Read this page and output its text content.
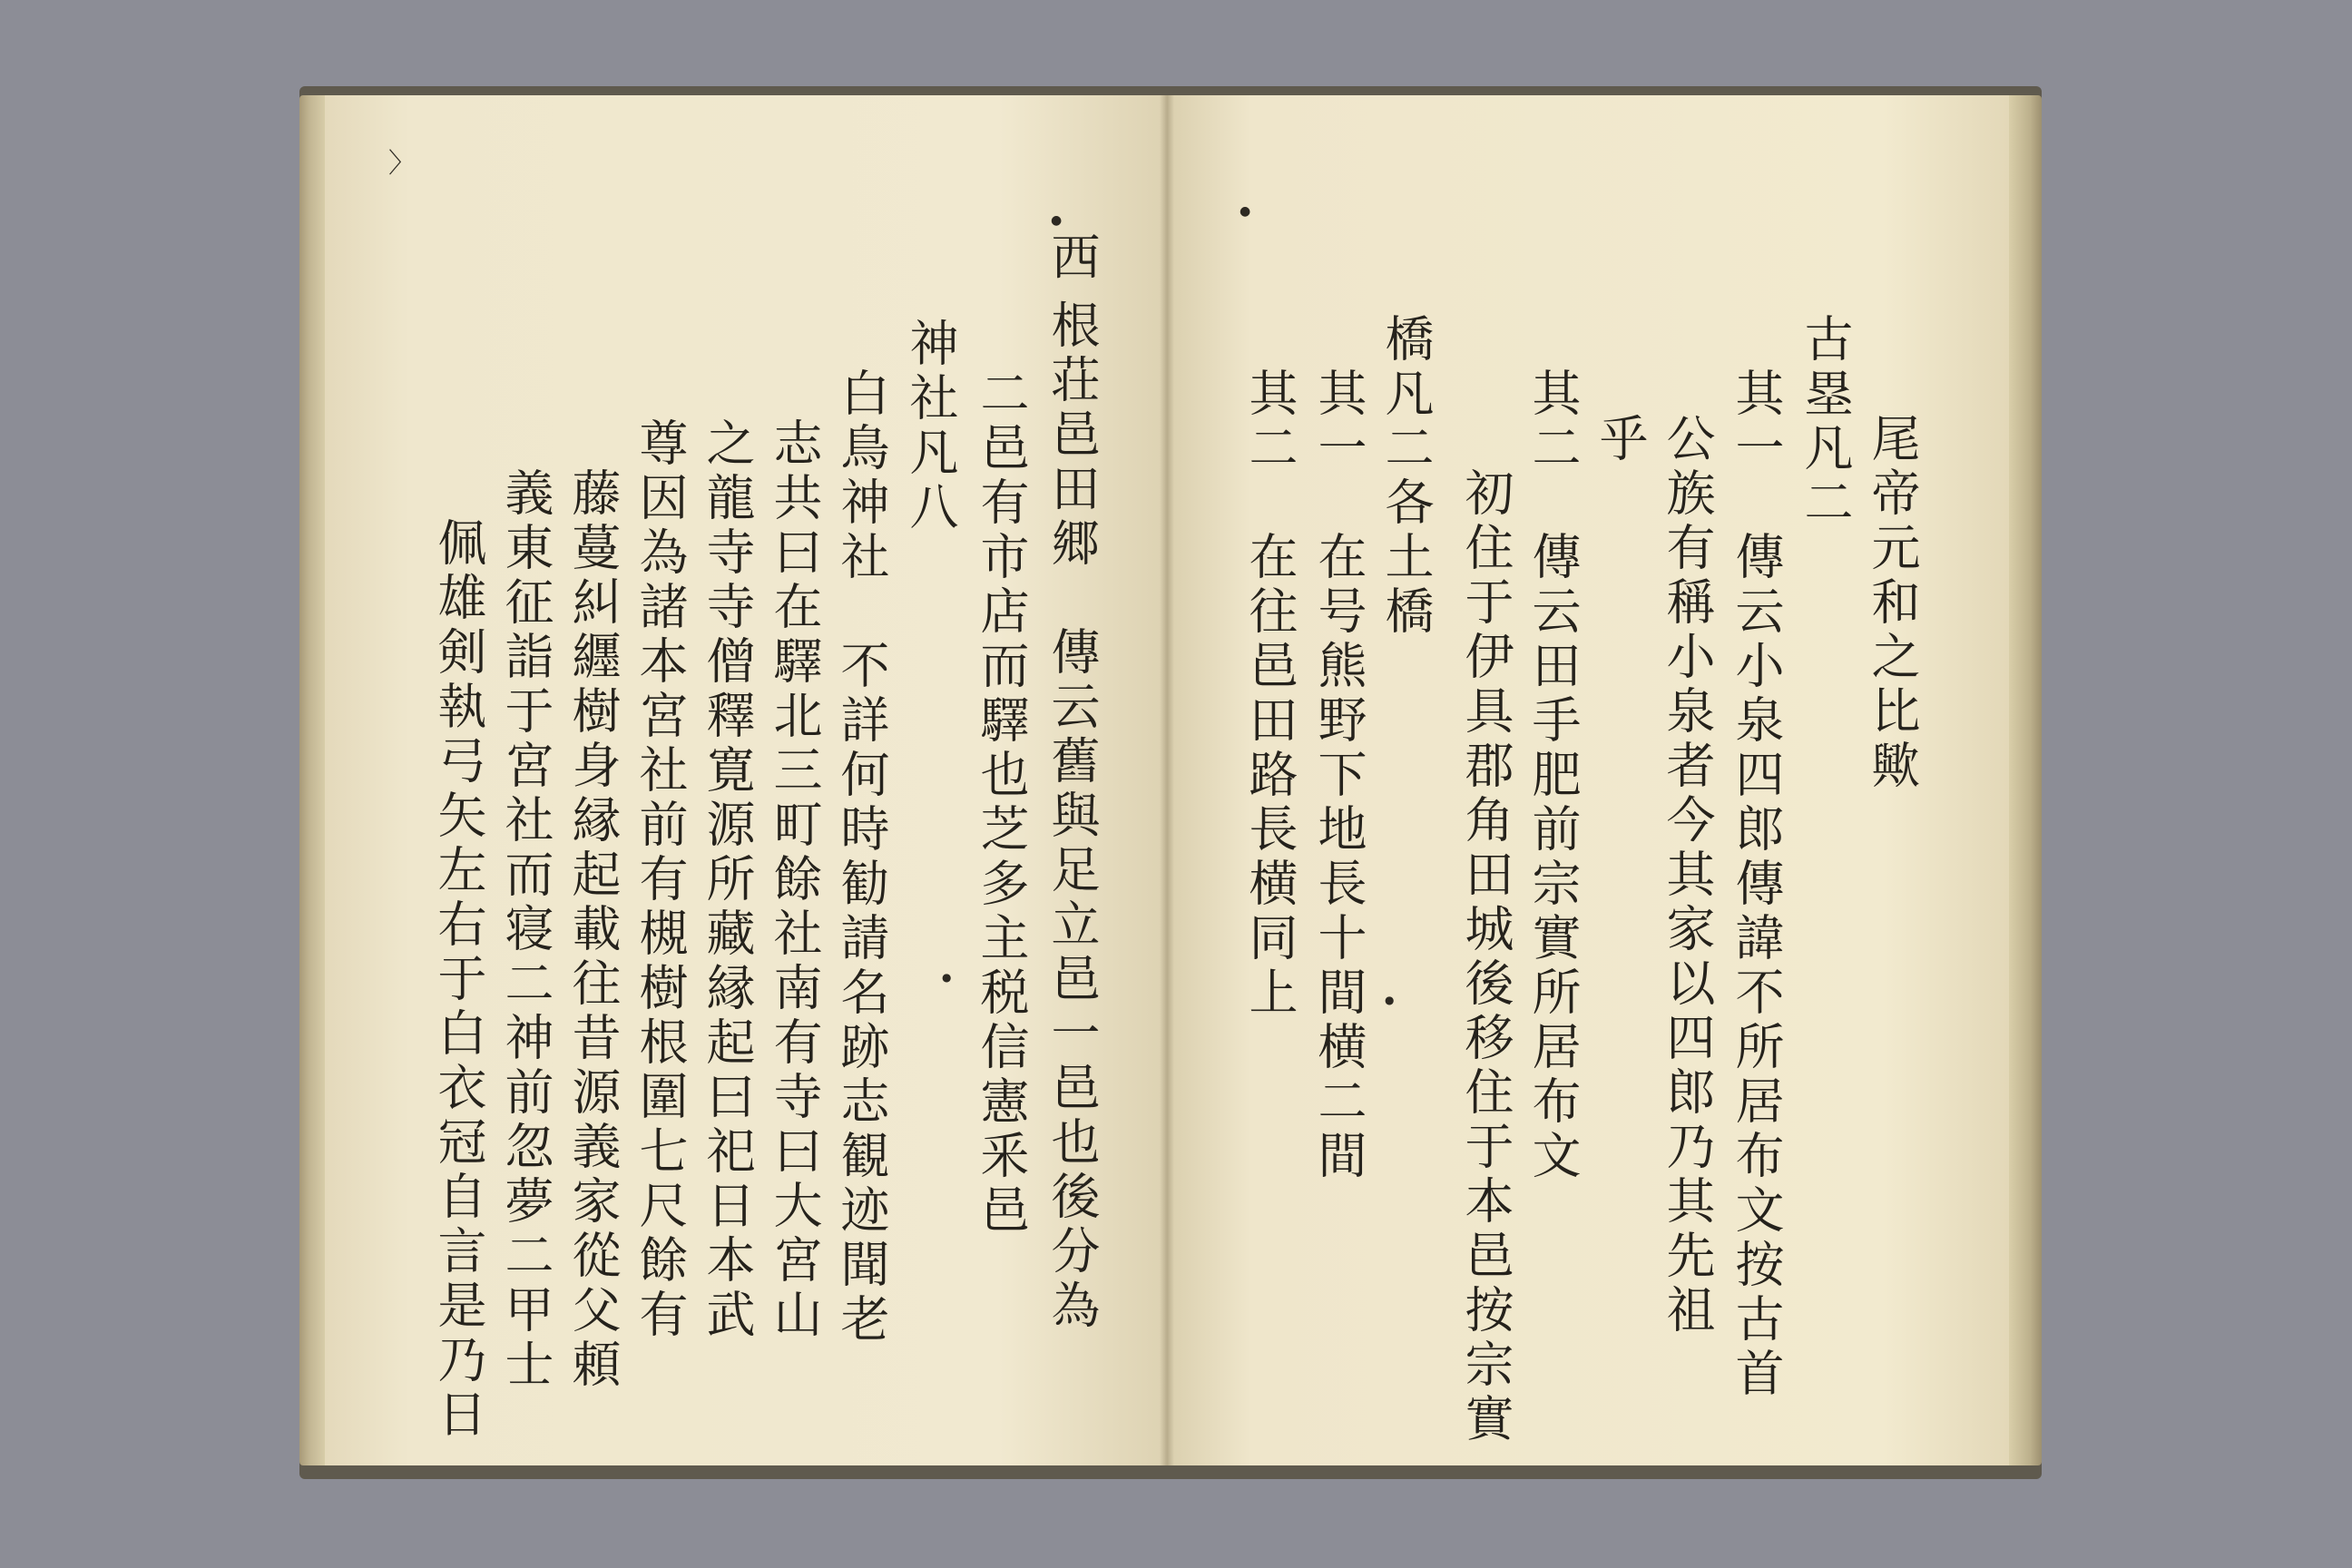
〉
●
●
西
根荘邑田郷　傳云舊與足立邑一邑也後分為
二邑有市店而驛也芝多主税信憲釆邑
神社凡八
白鳥神社　不詳何時勧請名跡志観迹聞老
志共曰在驛北三町餘社南有寺曰大宮山
之龍寺寺僧釋寛源所藏縁起曰祀日本武
尊因為諸本宮社前有槻樹根圍七尺餘有
藤蔓糾纒樹身縁起載往昔源義家從父頼
義東征詣于宮社而寝二神前忽夢二甲士
佩雄剣執弓矢左右于白衣冠自言是乃日
●
●
尾帝元和之比歟
古塁凡二
其一　傳云小泉四郎傳諱不所居布文按古首
公族有稱小泉者今其家以四郎乃其先祖
乎
其二　傳云田手肥前宗實所居布文
初住于伊具郡角田城後移住于本邑按宗實
橋凡二各土橋
其一　在号熊野下地長十間横二間
其二　在往邑田路長横同上
